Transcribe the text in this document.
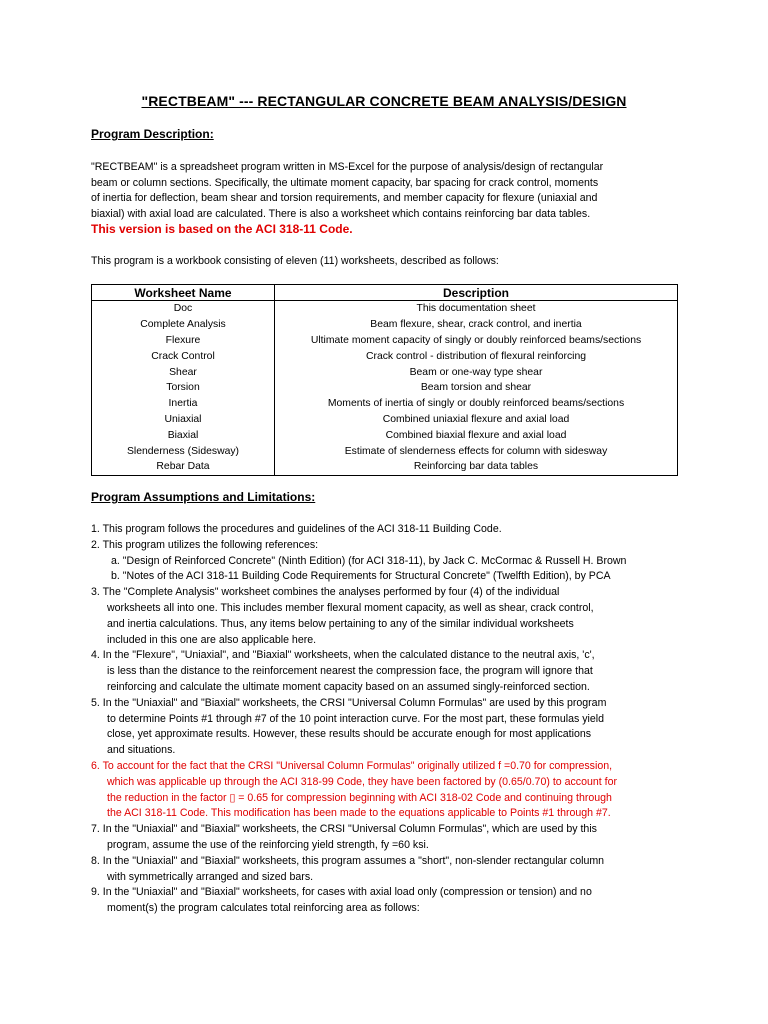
"RECTBEAM" --- RECTANGULAR CONCRETE BEAM ANALYSIS/DESIGN
Program Description:
"RECTBEAM" is a spreadsheet program written in MS-Excel for the purpose of analysis/design of rectangular
beam or column sections. Specifically, the ultimate moment capacity, bar spacing for crack control, moments
of inertia for deflection, beam shear and torsion requirements, and member capacity for flexure (uniaxial and
biaxial) with axial load are calculated. There is also a worksheet which contains reinforcing bar data tables.
This version is based on the ACI 318-11 Code.
This program is a workbook consisting of eleven (11) worksheets, described as follows:
Worksheet Name	Description
Doc	This documentation sheet
Complete Analysis	Beam flexure, shear, crack control, and inertia
Flexure	Ultimate moment capacity of singly or doubly reinforced beams/sections
Crack Control	Crack control - distribution of flexural reinforcing
Shear	Beam or one-way type shear
Torsion	Beam torsion and shear
Inertia	Moments of inertia of singly or doubly reinforced beams/sections
Uniaxial	Combined uniaxial flexure and axial load
Biaxial	Combined biaxial flexure and axial load
Slenderness (Sidesway)	Estimate of slenderness effects for column with sidesway
Rebar Data	Reinforcing bar data tables
Program Assumptions and Limitations:
1. This program follows the procedures and guidelines of the ACI 318-11 Building Code.
2. This program utilizes the following references:
a. "Design of Reinforced Concrete" (Ninth Edition) (for ACI 318-11), by Jack C. McCormac & Russell H. Brown
b. "Notes of the ACI 318-11 Building Code Requirements for Structural Concrete" (Twelfth Edition), by PCA
3. The "Complete Analysis" worksheet combines the analyses performed by four (4) of the individual
worksheets all into one. This includes member flexural moment capacity, as well as shear, crack control,
and inertia calculations. Thus, any items below pertaining to any of the similar individual worksheets
included in this one are also applicable here.
4. In the "Flexure", "Uniaxial", and "Biaxial" worksheets, when the calculated distance to the neutral axis, 'c',
is less than the distance to the reinforcement nearest the compression face, the program will ignore that
reinforcing and calculate the ultimate moment capacity based on an assumed singly-reinforced section.
5. In the "Uniaxial" and "Biaxial" worksheets, the CRSI "Universal Column Formulas" are used by this program
to determine Points #1 through #7 of the 10 point interaction curve. For the most part, these formulas yield
close, yet approximate results. However, these results should be accurate enough for most applications
and situations.
6. To account for the fact that the CRSI "Universal Column Formulas" originally utilized f =0.70 for compression,
which was applicable up through the ACI 318-99 Code, they have been factored by (0.65/0.70) to account for
the reduction in the factor ▯ = 0.65 for compression beginning with ACI 318-02 Code and continuing through
the ACI 318-11 Code. This modification has been made to the equations applicable to Points #1 through #7.
7. In the "Uniaxial" and "Biaxial" worksheets, the CRSI "Universal Column Formulas", which are used by this
program, assume the use of the reinforcing yield strength, fy =60 ksi.
8. In the "Uniaxial" and "Biaxial" worksheets, this program assumes a "short", non-slender rectangular column
with symmetrically arranged and sized bars.
9. In the "Uniaxial" and "Biaxial" worksheets, for cases with axial load only (compression or tension) and no
moment(s) the program calculates total reinforcing area as follows:
